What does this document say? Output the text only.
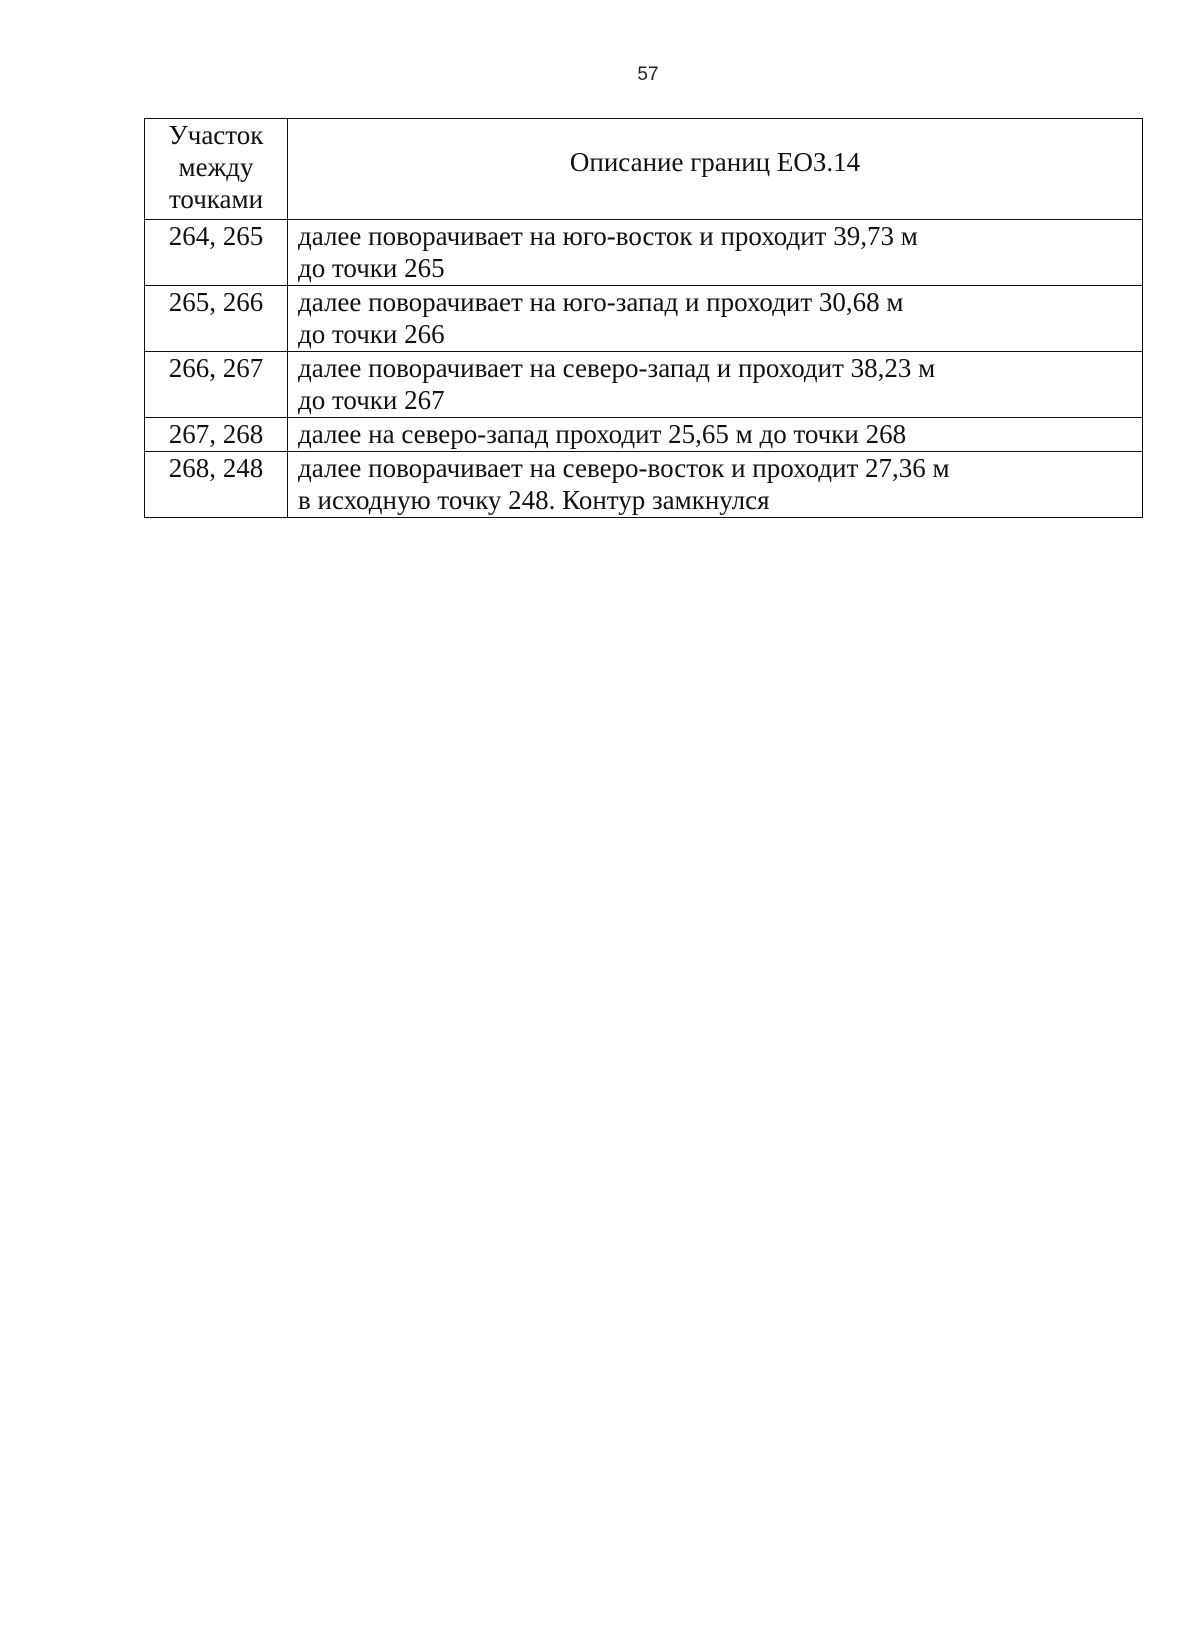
57
Участок
между
точками	Описание границ ЕОЗ.14
264, 265	далее поворачивает на юго-восток и проходит 39,73 м
до точки 265

265, 266	далее поворачивает на юго-запад и проходит 30,68 м
до точки 266

266, 267	далее поворачивает на северо-запад и проходит 38,23 м
до точки 267

267, 268	далее на северо-запад проходит 25,65 м до точки 268

268, 248	далее поворачивает на северо-восток и проходит 27,36 м
в исходную точку 248. Контур замкнулся
